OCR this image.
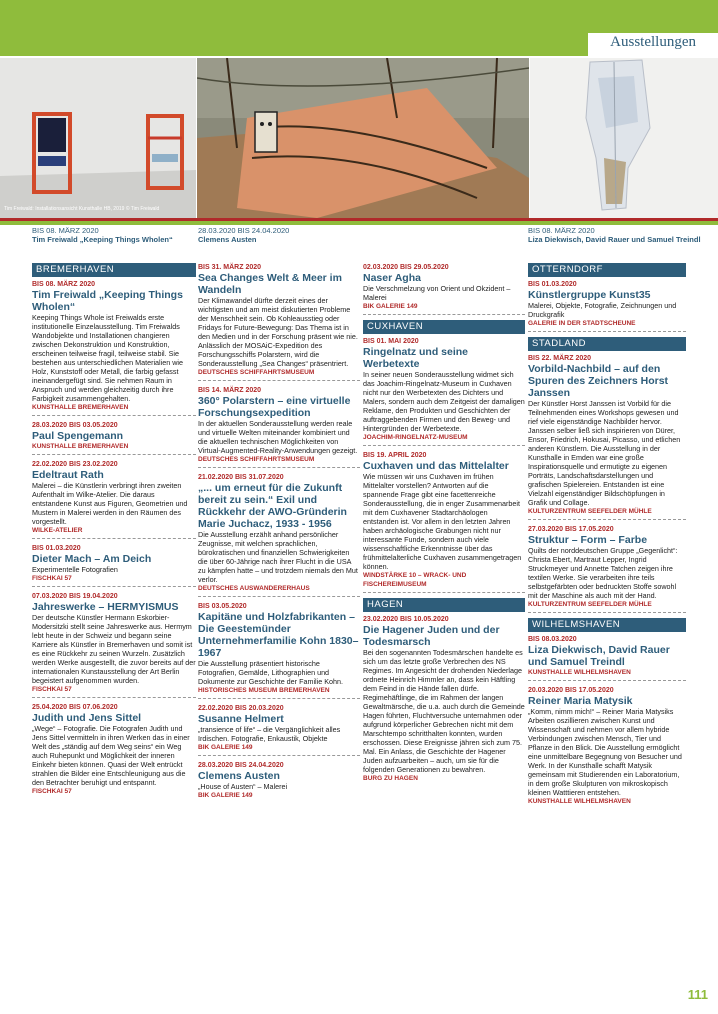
Ausstellungen
Tim Freiwald: Installationsansicht Kunsthalle HB, 2019 © Tim Freiwald
BIS 08. MÄRZ 2020
Tim Freiwald „Keeping Things Wholen“
28.03.2020 BIS 24.04.2020
Clemens Austen
BIS 08. MÄRZ 2020
Liza Diekwisch, David Rauer und Samuel Treindl
BREMERHAVEN
BIS 08. MÄRZ 2020
Tim Freiwald „Keeping Things Wholen“
Keeping Things Whole ist Freiwalds erste institutionelle Einzelausstellung. Tim Freiwalds Wandobjekte und Installationen changieren zwischen Dekonstruktion und Konstruktion, erscheinen teilweise fragil, teilweise stabil. Sie bestehen aus unterschiedlichen Materialien wie Holz, Kunststoff oder Metall, die farbig gefasst ineinandergefügt sind. Sie nehmen Raum in Anspruch und werden gleichzeitig durch ihre Farbigkeit zusammengehalten.
KUNSTHALLE BREMERHAVEN
28.03.2020 BIS 03.05.2020
Paul Spengemann
KUNSTHALLE BREMERHAVEN
22.02.2020 BIS 23.02.2020
Edeltraut Rath
Malerei – die Künstlerin verbringt ihren zweiten Aufenthalt im Wilke-Atelier. Die daraus entstandene Kunst aus Figuren, Geometrien und Mustern in Malerei werden in den Räumen des vorgestellt.
WILKE-ATELIER
BIS 01.03.2020
Dieter Mach – Am Deich
Experimentelle Fotografien
FISCHKAI 57
07.03.2020 BIS 19.04.2020
Jahreswerke – HERMYISMUS
Der deutsche Künstler Hermann Eskorbier-Modersitzki stellt seine Jahreswerke aus. Hermym lebt heute in der Schweiz und begann seine Karriere als Künstler in Bremerhaven und somit ist es eine Rückkehr zu seinen Wurzeln. Zusätzlich werden Werke ausgestellt, die zuvor bereits auf der internationalen Kunstausstellung der Art Berlin begeistert aufgenommen wurden.
FISCHKAI 57
25.04.2020 BIS 07.06.2020
Judith und Jens Sittel
„Wege“ – Fotografie. Die Fotografen Judith und Jens Sittel vermitteln in ihren Werken das in einer Welt des „ständig auf dem Weg seins“ ein Weg auch Ruhepunkt und Möglichkeit der inneren Einkehr bieten können. Quasi der Welt entrückt strahlen die Bilder eine Entschleunigung aus die den Betrachter beruhigt und entspannt.
FISCHKAI 57
BIS 31. MÄRZ 2020
Sea Changes Welt & Meer im Wandeln
Der Klimawandel dürfte derzeit eines der wichtigsten und am meist diskutierten Probleme der Menschheit sein. Ob Kohleausstieg oder Fridays for Future-Bewegung: Das Thema ist in den Medien und in der Forschung präsent wie nie. Anlässlich der MOSAiC-Expedition des Forschungsschiffs Polarstern, wird die Sonderausstellung „Sea Changes“ präsentriert.
DEUTSCHES SCHIFFAHRTSMUSEUM
BIS 14. MÄRZ 2020
360° Polarstern – eine virtuelle Forschungsexpedition
In der aktuellen Sonderausstellung werden reale und virtuelle Welten miteinander kombiniert und die aktuellen technischen Möglichkeiten von Virtual-Augmented-Reality-Anwendungen gezeigt.
DEUTSCHES SCHIFFAHRTSMUSEUM
21.02.2020 BIS 31.07.2020
„... um erneut für die Zukunft bereit zu sein.“ Exil und Rückkehr der AWO-Gründerin Marie Juchacz, 1933 - 1956
Die Ausstellung erzählt anhand persönlicher Zeugnisse, mit welchen sprachlichen, bürokratischen und finanziellen Schwierigkeiten die über 60-Jährige nach ihrer Flucht in die USA zu kämpfen hatte – und trotzdem niemals den Mut verlor.
DEUTSCHES AUSWANDERERHAUS
BIS 03.05.2020
Kapitäne und Holzfabrikanten – Die Geestemünder Unternehmerfamilie Kohn 1830–1967
Die Ausstellung präsentiert historische Fotografien, Gemälde, Lithographien und Dokumente zur Geschichte der Familie Kohn.
HISTORISCHES MUSEUM BREMERHAVEN
22.02.2020 BIS 20.03.2020
Susanne Helmert
„transience of life“ – die Vergänglichkeit alles Irdischen. Fotografie, Enkaustik, Objekte
BIK GALERIE 149
28.03.2020 BIS 24.04.2020
Clemens Austen
„House of Austen“ – Malerei
BIK GALERIE 149
02.03.2020 BIS 29.05.2020
Naser Agha
Die Verschmelzung von Orient und Okzident – Malerei
BIK GALERIE 149
CUXHAVEN
BIS 01. MAI 2020
Ringelnatz und seine Werbetexte
In seiner neuen Sonderausstellung widmet sich das Joachim-Ringelnatz-Museum in Cuxhaven nicht nur den Werbetexten des Dichters und Malers, sondern auch dem Zeitgeist der damaligen Reklame, den Produkten und Geschichten der auftraggebenden Firmen und den Beweg- und Hintergründen der Werbetexte.
JOACHIM-RINGELNATZ-MUSEUM
BIS 19. APRIL 2020
Cuxhaven und das Mittelalter
Wie müssen wir uns Cuxhaven im frühen Mittelalter vorstellen? Antworten auf die spannende Frage gibt eine facettenreiche Sonderausstellung, die in enger Zusammenarbeit mit dem Cuxhavener Stadtarchäologen entstanden ist. Vor allem in den letzten Jahren haben archäologische Grabungen nicht nur interessante Funde, sondern auch viele wissenschaftliche Erkenntnisse über das frühmittelalterliche Cuxhaven zusammengetragen können.
WINDSTÄRKE 10 – WRACK- UND FISCHEREIMUSEUM
HAGEN
23.02.2020 BIS 10.05.2020
Die Hagener Juden und der Todesmarsch
Bei den sogenannten Todesmärschen handelte es sich um das letzte große Verbrechen des NS Regimes. Im Angesicht der drohenden Niederlage ordnete Heinrich Himmler an, dass kein Häftling dem Feind in die Hände fallen dürfe. Regimehäftlinge, die im Rahmen der langen Gewaltmärsche, die u.a. auch durch die Gemeinde Hagen führten, Fluchtversuche unternahmen oder aufgrund körperlicher Gebrechen nicht mit dem Marschtempo schritthalten konnten, wurden erschossen. Diese Ereignisse jähren sich zum 75. Mal. Ein Anlass, die Geschichte der Hagener Juden aufzuarbeiten – auch, um sie für die folgenden Generationen zu bewahren.
BURG ZU HAGEN
OTTERNDORF
BIS 01.03.2020
Künstlergruppe Kunst35
Malerei, Objekte, Fotografie, Zeichnungen und Druckgrafik
GALERIE IN DER STADTSCHEUNE
STADLAND
BIS 22. MÄRZ 2020
Vorbild-Nachbild – auf den Spuren des Zeichners Horst Janssen
Der Künstler Horst Janssen ist Vorbild für die Teilnehmenden eines Workshops gewesen und rief viele eigenständige Nachbilder hervor. Janssen selber ließ sich inspirieren von Dürer, Ensor, Friedrich, Hokusai, Picasso, und etlichen anderen Künstlern. Die Ausstellung in der Kunsthalle in Emden war eine große Inspirationsquelle und ermutigte zu eigenen Porträts, Landschaftsdarstellungen und grafischen Spielereien. Entstanden ist eine Vielzahl eigenständiger Bildschöpfungen in Grafik und Collage.
KULTURZENTRUM SEEFELDER MÜHLE
27.03.2020 BIS 17.05.2020
Struktur – Form – Farbe
Quilts der norddeutschen Gruppe „Gegenlicht“: Christa Ebert, Martraut Lepper, Ingrid Struckmeyer und Annette Tatchen zeigen ihre textilen Werke. Sie verarbeiten ihre teils selbstgefärbten oder bedruckten Stoffe sowohl mit der Maschine als auch mit der Hand.
KULTURZENTRUM SEEFELDER MÜHLE
WILHELMSHAVEN
BIS 08.03.2020
Liza Diekwisch, David Rauer und Samuel Treindl
KUNSTHALLE WILHELMSHAVEN
20.03.2020 BIS 17.05.2020
Reiner Maria Matysik
„Komm, nimm mich!“ – Reiner Maria Matysiks Arbeiten oszillieren zwischen Kunst und Wissenschaft und nehmen vor allem hybride Verbindungen zwischen Mensch, Tier und Pflanze in den Blick. Die Ausstellung ermöglicht eine unmittelbare Begegnung von Besucher und Werk. In der Kunsthalle schafft Matysik gemeinsam mit Studierenden ein Laboratorium, in dem große Skulpturen von mikroskopisch kleinen Watttieren entstehen.
KUNSTHALLE WILHELMSHAVEN
111
